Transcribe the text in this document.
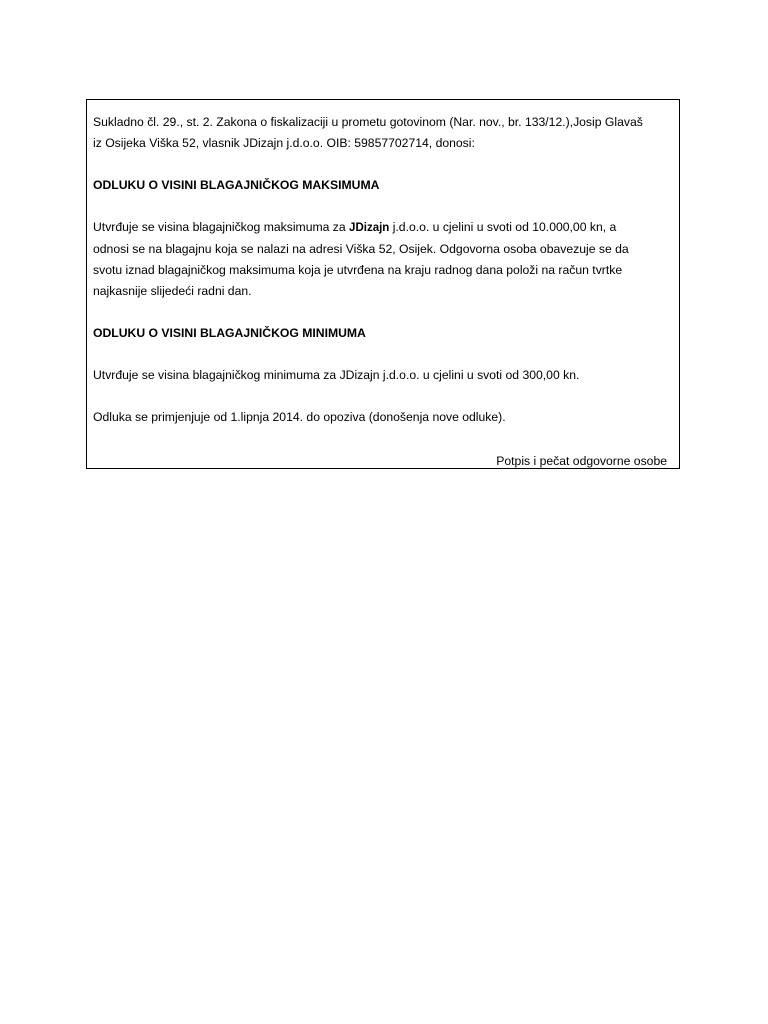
Sukladno čl. 29., st. 2. Zakona o fiskalizaciji u prometu gotovinom (Nar. nov., br. 133/12.),Josip Glavaš

iz Osijeka Viška 52, vlasnik JDizajn j.d.o.o. OIB: 59857702714, donosi:

ODLUKU O VISINI BLAGAJNIČKOG MAKSIMUMA

Utvrđuje se visina blagajničkog maksimuma za JDizajn j.d.o.o. u cjelini u svoti od 10.000,00 kn, a

odnosi se na blagajnu koja se nalazi na adresi Viška 52, Osijek. Odgovorna osoba obavezuje se da

svotu iznad blagajničkog maksimuma koja je utvrđena na kraju radnog dana položi na račun tvrtke

najkasnije slijedeći radni dan.

ODLUKU O VISINI BLAGAJNIČKOG MINIMUMA

Utvrđuje se visina blagajničkog minimuma za JDizajn j.d.o.o. u cjelini u svoti od 300,00 kn.

Odluka se primjenjuje od 1.lipnja 2014. do opoziva (donošenja nove odluke).

Potpis i pečat odgovorne osobe
